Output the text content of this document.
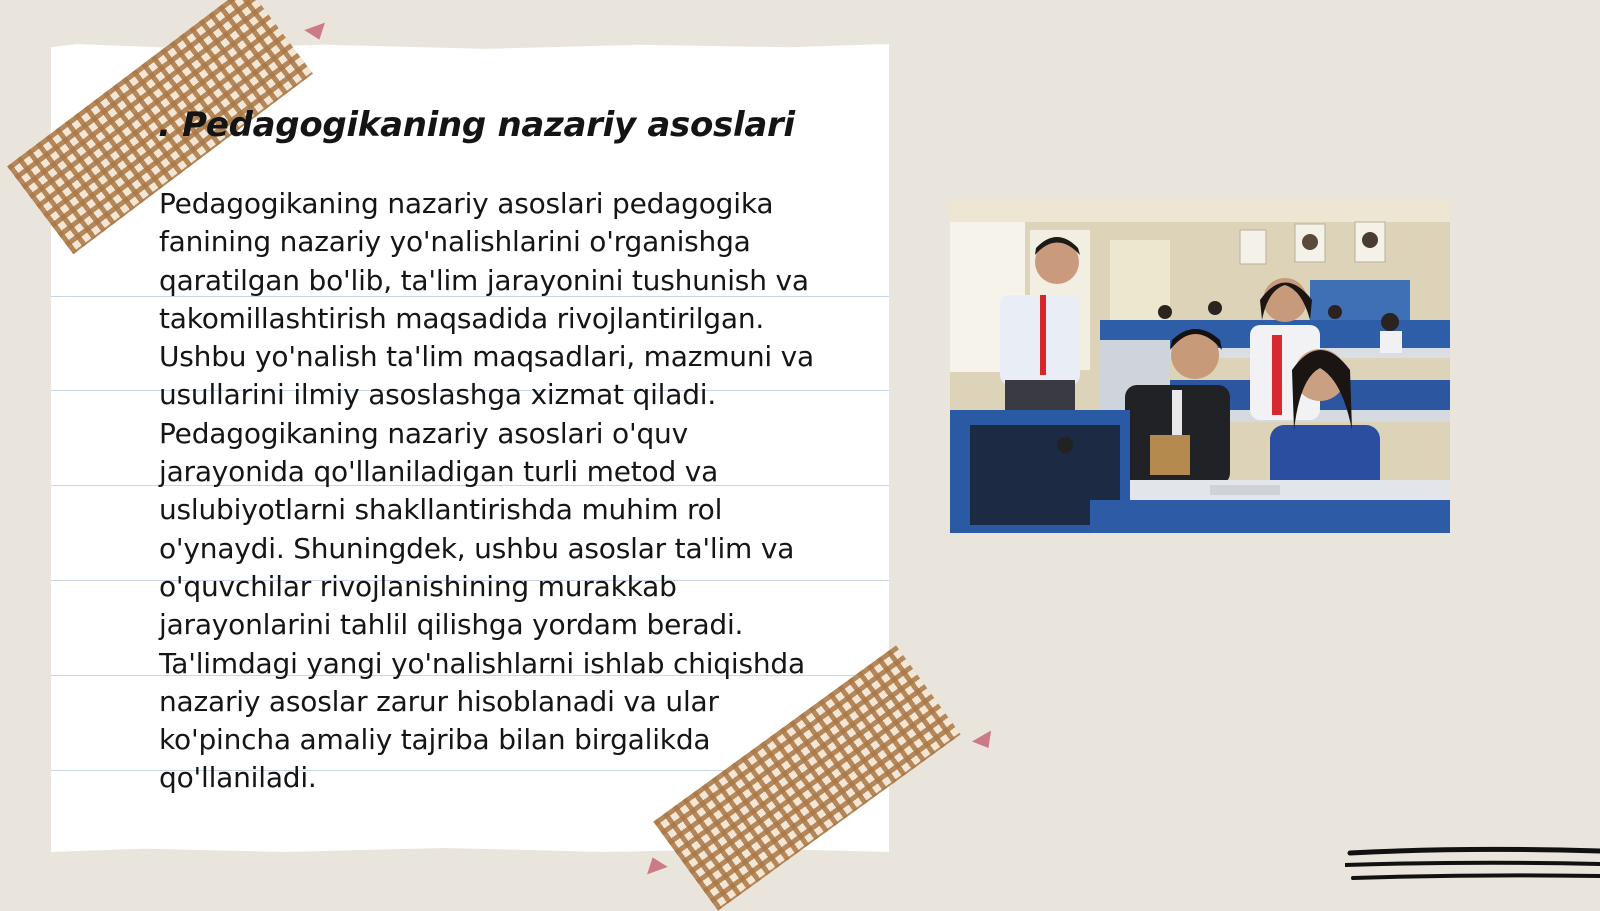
. Pedagogikaning nazariy asoslari

Pedagogikaning nazariy asoslari pedagogika fanining nazariy yo'nalishlarini o'rganishga qaratilgan bo'lib, ta'lim jarayonini tushunish va takomillashtirish maqsadida rivojlantirilgan. Ushbu yo'nalish ta'lim maqsadlari, mazmuni va usullarini ilmiy asoslashga xizmat qiladi. Pedagogikaning nazariy asoslari o'quv jarayonida qo'llaniladigan turli metod va uslubiyotlarni shakllantirishda muhim rol o'ynaydi. Shuningdek, ushbu asoslar ta'lim va o'quvchilar rivojlanishining murakkab jarayonlarini tahlil qilishga yordam beradi. Ta'limdagi yangi yo'nalishlarni ishlab chiqishda nazariy asoslar zarur hisoblanadi va ular ko'pincha amaliy tajriba bilan birgalikda qo'llaniladi.
